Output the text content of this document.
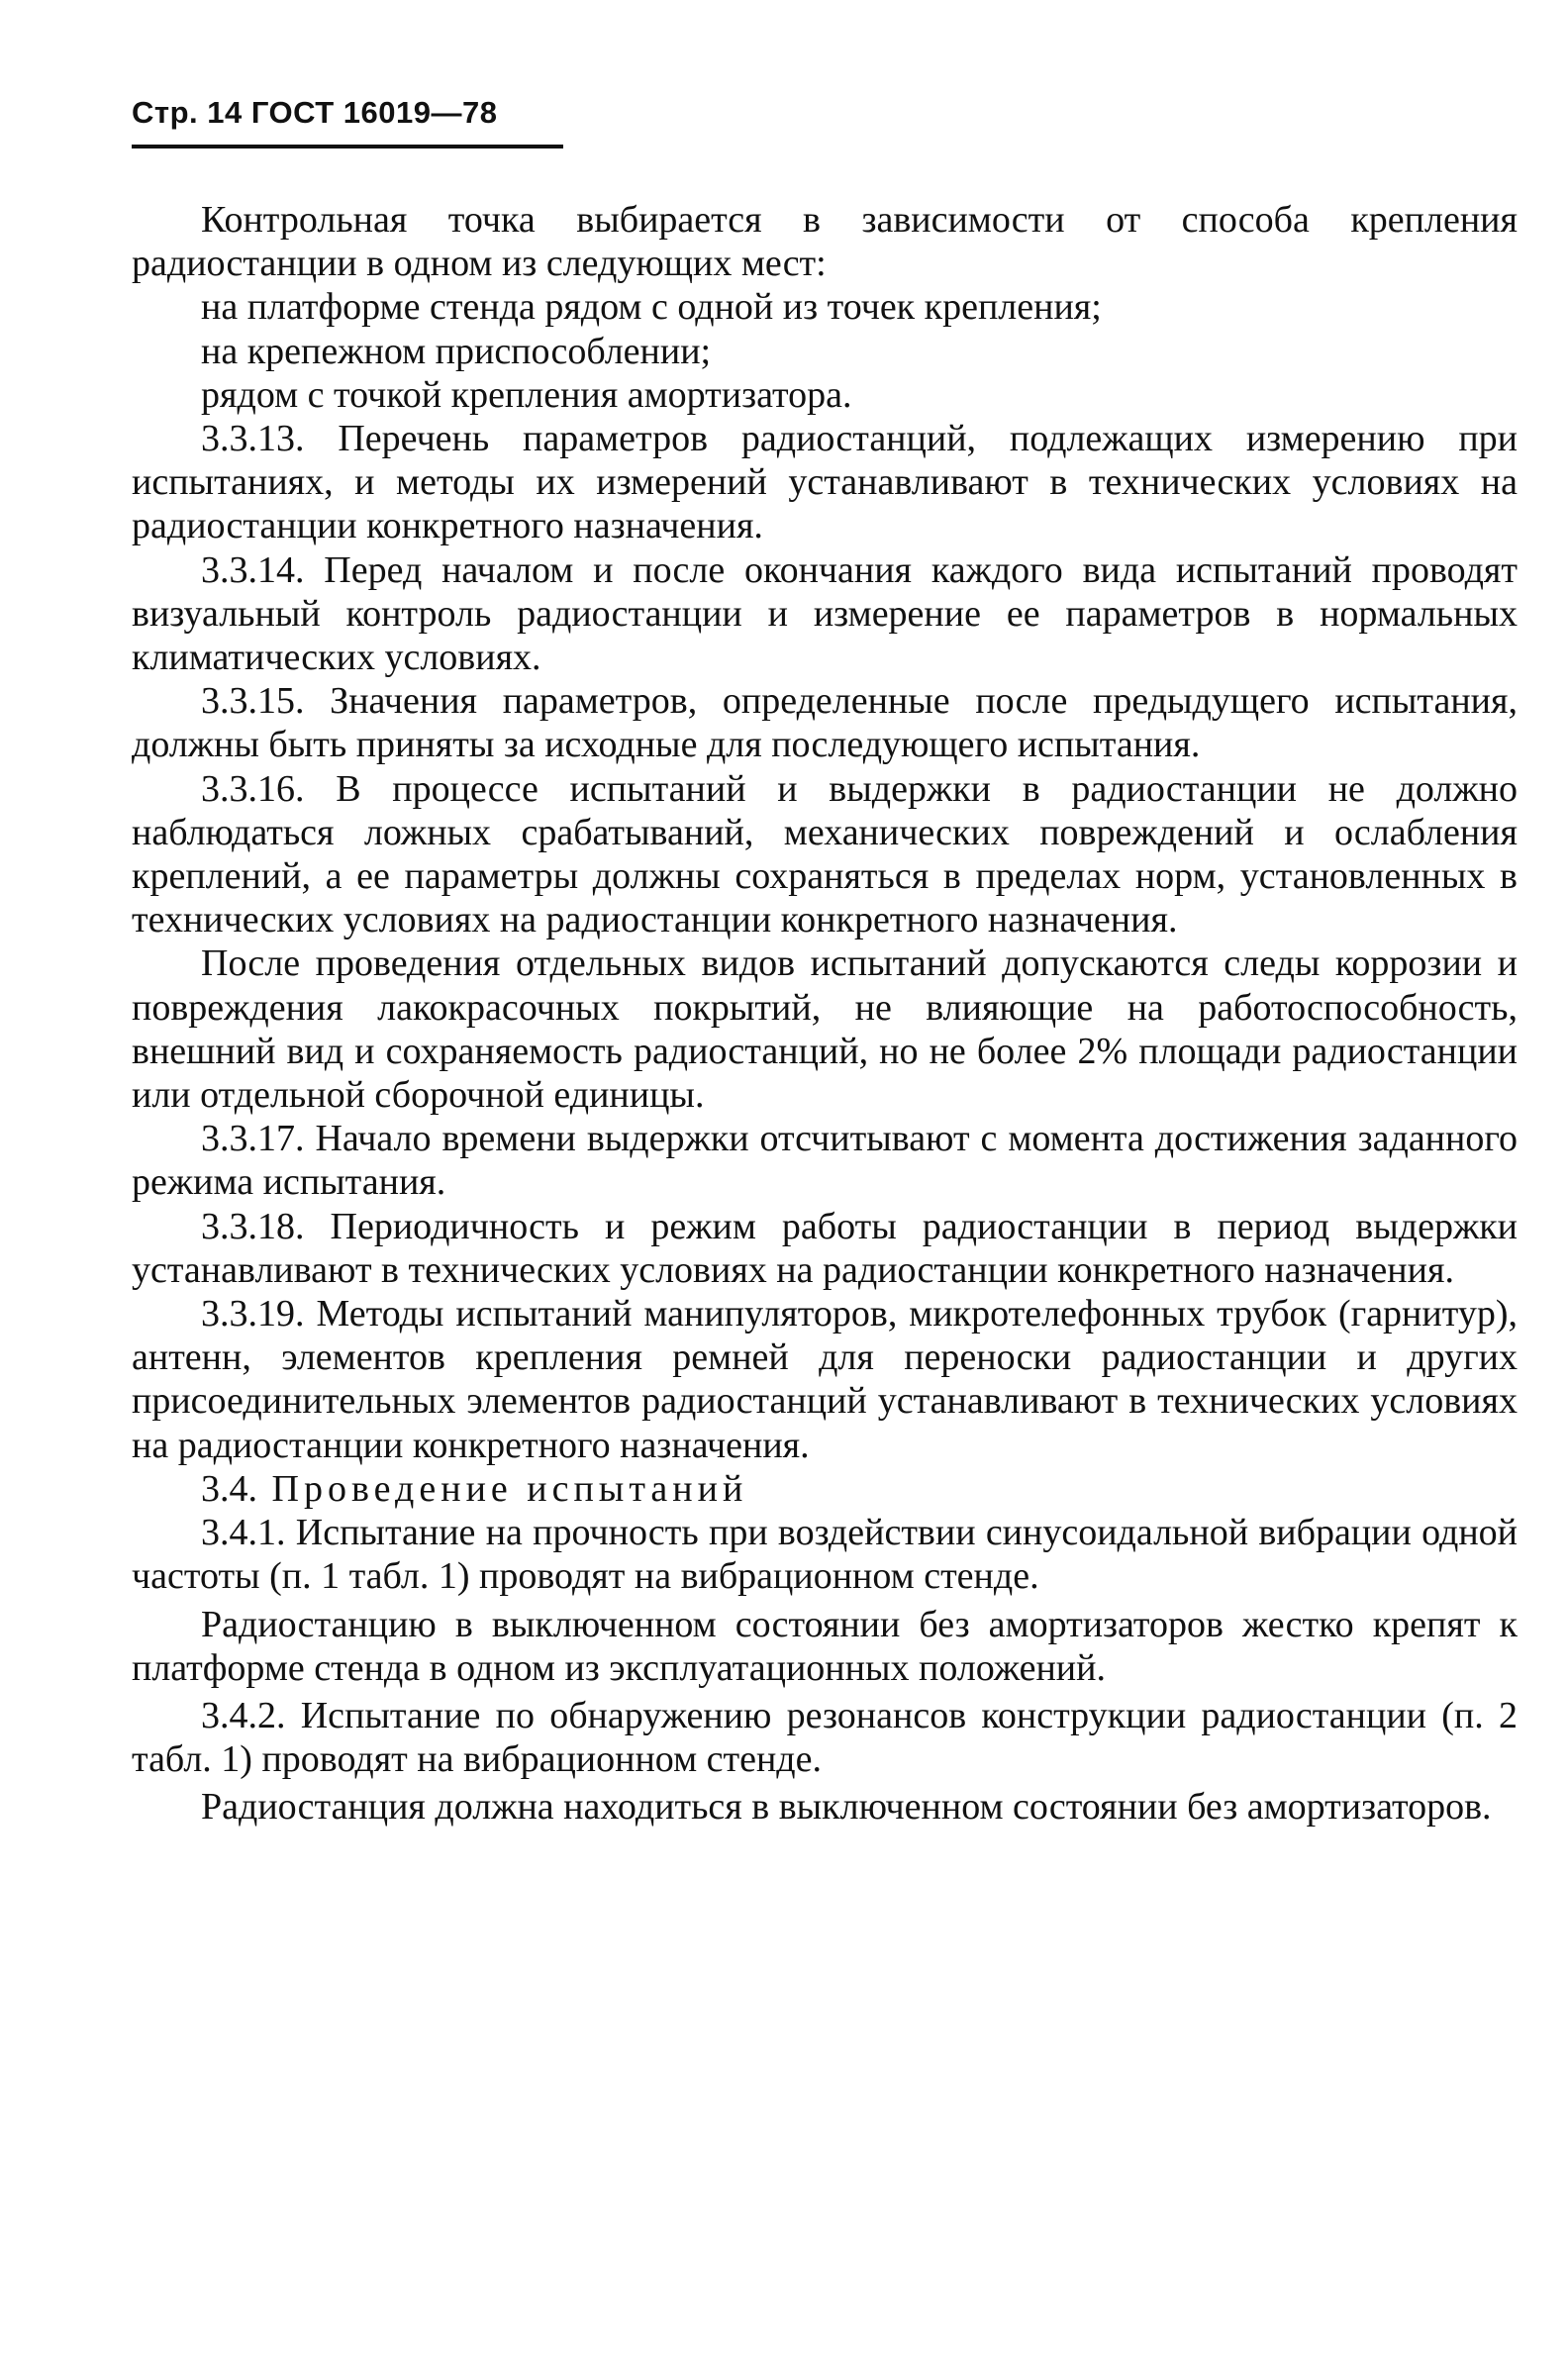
Стр. 14 ГОСТ 16019—78

Контрольная точка выбирается в зависимости от способа крепления радиостанции в одном из следующих мест:

на платформе стенда рядом с одной из точек крепления;

на крепежном приспособлении;

рядом с точкой крепления амортизатора.

3.3.13. Перечень параметров радиостанций, подлежащих измерению при испытаниях, и методы их измерений устанавливают в технических условиях на радиостанции конкретного назначения.

3.3.14. Перед началом и после окончания каждого вида испытаний проводят визуальный контроль радиостанции и измерение ее параметров в нормальных климатических условиях.

3.3.15. Значения параметров, определенные после предыдущего испытания, должны быть приняты за исходные для последующего испытания.

3.3.16. В процессе испытаний и выдержки в радиостанции не должно наблюдаться ложных срабатываний, механических повреждений и ослабления креплений, а ее параметры должны сохраняться в пределах норм, установленных в технических условиях на радиостанции конкретного назначения.

После проведения отдельных видов испытаний допускаются следы коррозии и повреждения лакокрасочных покрытий, не влияющие на работоспособность, внешний вид и сохраняемость радиостанций, но не более 2% площади радиостанции или отдельной сборочной единицы.

3.3.17. Начало времени выдержки отсчитывают с момента достижения заданного режима испытания.

3.3.18. Периодичность и режим работы радиостанции в период выдержки устанавливают в технических условиях на радиостанции конкретного назначения.

3.3.19. Методы испытаний манипуляторов, микротелефонных трубок (гарнитур), антенн, элементов крепления ремней для переноски радиостанции и других присоединительных элементов радиостанций устанавливают в технических условиях на радиостанции конкретного назначения.

3.4. Проведение испытаний

3.4.1. Испытание на прочность при воздействии синусоидальной вибрации одной частоты (п. 1 табл. 1) проводят на вибрационном стенде.

Радиостанцию в выключенном состоянии без амортизаторов жестко крепят к платформе стенда в одном из эксплуатационных положений.

3.4.2. Испытание по обнаружению резонансов конструкции радиостанции (п. 2 табл. 1) проводят на вибрационном стенде.

Радиостанция должна находиться в выключенном состоянии без амортизаторов.
